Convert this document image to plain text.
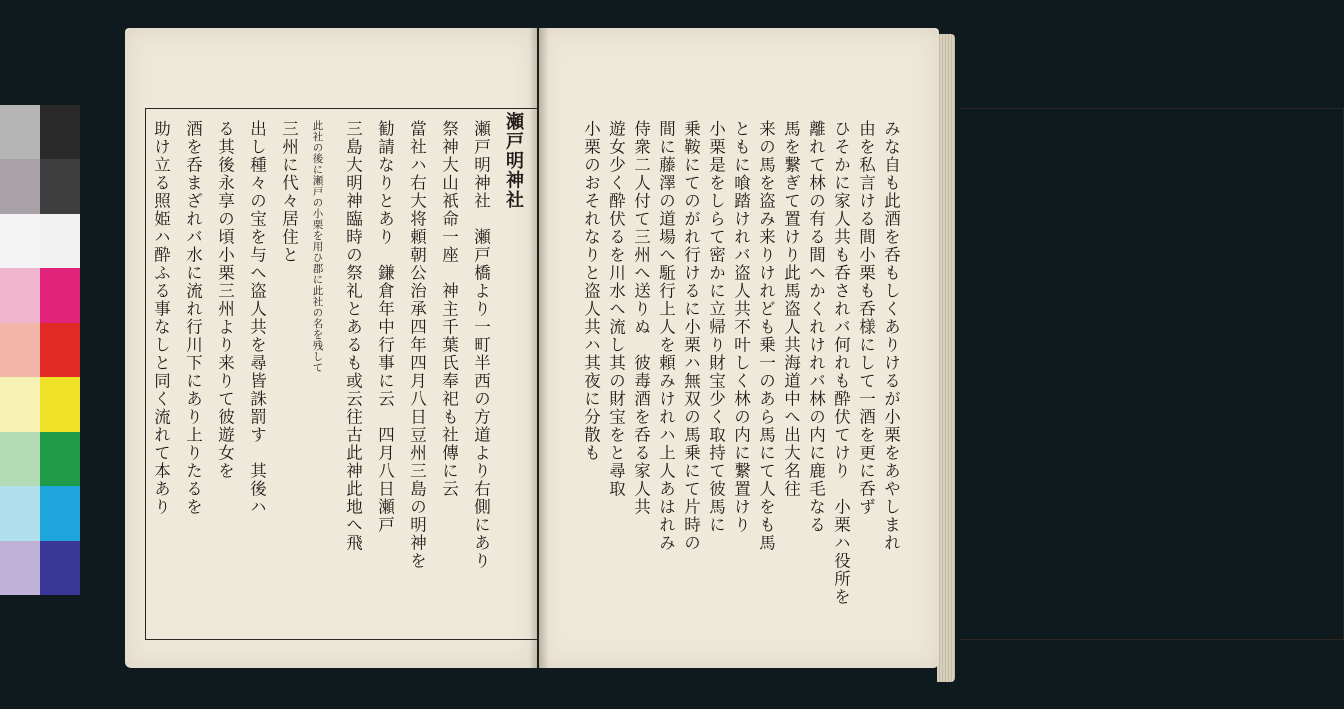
瀬戸明神社
瀬戸明神社　瀬戸橋より一町半西の方道より右側にあり
祭神大山祇命一座　神主千葉氏奉祀も社傳に云
當社ハ右大将頼朝公治承四年四月八日豆州三島の明神を
勧請なりとあり　鎌倉年中行事に云　四月八日瀬戸
三島大明神臨時の祭礼とあるも或云往古此神此地へ飛
此社の後に瀬戸の小栗を用ひ郡に此社の名を残して
三州に代々居住と
出し種々の宝を与へ盗人共を尋皆誅罰す　其後ハ
る其後永享の頃小栗三州より来りて彼遊女を
酒を呑まざれバ水に流れ行川下にあり上りたるを
助け立る照姫ハ酔ふる事なしと同く流れて本あり	みな自も此酒を呑もしくありけるが小栗をあやしまれ
由を私言ける間小栗も呑様にして一酒を更に呑ず
ひそかに家人共も呑されバ何れも酔伏てけり　小栗ハ役所を
離れて林の有る間へかくれけれバ林の内に鹿毛なる
馬を繋ぎて置けり此馬盗人共海道中へ出大名往
来の馬を盗み来りけれども乗一のあら馬にて人をも馬
ともに喰踏けれバ盗人共不叶しく林の内に繋置けり
小栗是をしらて密かに立帰り財宝少く取持て彼馬に
乗鞍にてのがれ行けるに小栗ハ無双の馬乗にて片時の
間に藤澤の道場へ駈行上人を頼みけれハ上人あはれみ
侍衆二人付て三州へ送りぬ　彼毒酒を呑る家人共
遊女少く酔伏るを川水へ流し其の財宝をと尋取
小栗のおそれなりと盗人共ハ其夜に分散も
